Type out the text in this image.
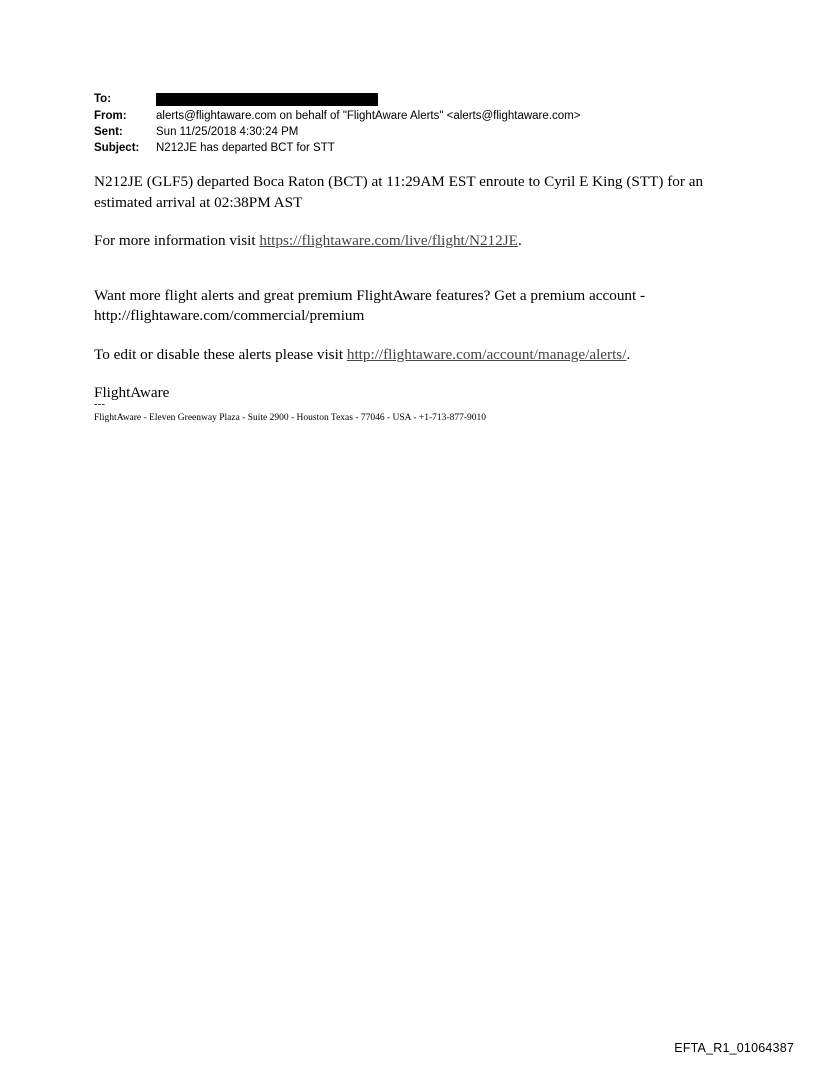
To:
From:	alerts@flightaware.com on behalf of "FlightAware Alerts" <alerts@flightaware.com>
Sent:	Sun 11/25/2018 4:30:24 PM
Subject:	N212JE has departed BCT for STT

N212JE (GLF5) departed Boca Raton (BCT) at 11:29AM EST enroute to Cyril E King (STT) for an estimated arrival at 02:38PM AST

For more information visit https://flightaware.com/live/flight/N212JE.

Want more flight alerts and great premium FlightAware features? Get a premium account -
http://flightaware.com/commercial/premium

To edit or disable these alerts please visit http://flightaware.com/account/manage/alerts/.

FlightAware

---
FlightAware - Eleven Greenway Plaza - Suite 2900 - Houston Texas - 77046 - USA - +1-713-877-9010
EFTA_R1_01064387
